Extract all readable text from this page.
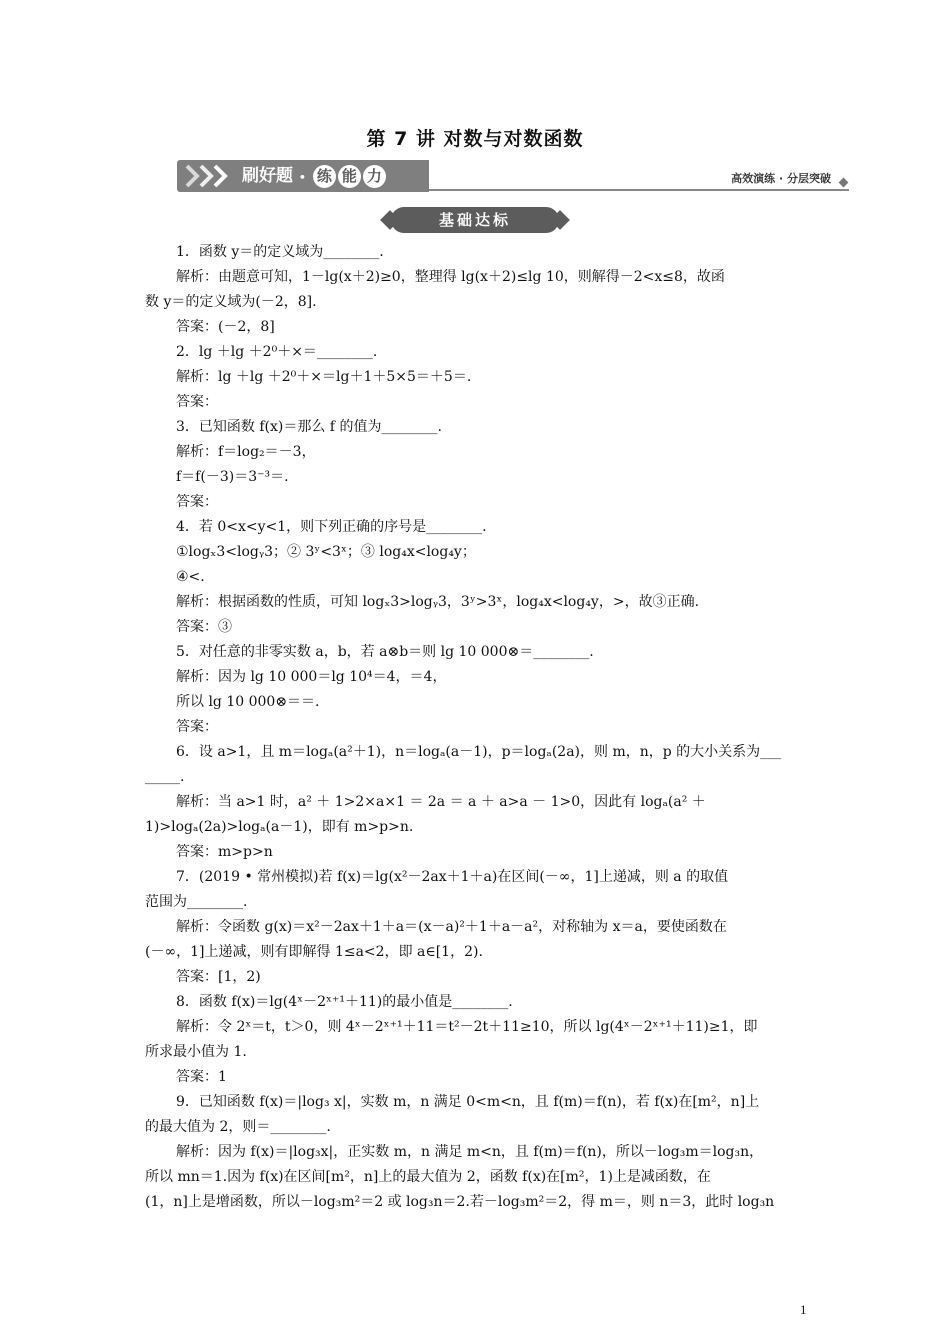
第 7 讲 对数与对数函数
刷好题 • 练 能 力	高效演练 · 分层突破
基础达标
1．函数 y＝的定义域为________.
解析：由题意可知，1－lg(x＋2)≥0，整理得 lg(x＋2)≤lg 10，则解得－2<x≤8，故函
数 y＝的定义域为(－2，8].
答案：(－2，8]
2．lg ＋lg ＋2⁰＋×＝________.
解析：lg ＋lg ＋2⁰＋×＝lg＋1＋5×5＝＋5＝.
答案：
3．已知函数 f(x)＝那么 f 的值为________.
解析：f＝log₂＝－3，
f＝f(－3)＝3⁻³＝.
答案：
4．若 0<x<y<1，则下列正确的序号是________.
①logₓ3<logᵧ3；② 3ʸ<3ˣ；③ log₄x<log₄y；
④<.
解析：根据函数的性质，可知 logₓ3>logᵧ3，3ʸ>3ˣ，log₄x<log₄y，>，故③正确.
答案：③
5．对任意的非零实数 a，b，若 a⊗b＝则 lg 10 000⊗＝________.
解析：因为 lg 10 000＝lg 10⁴＝4，＝4，
所以 lg 10 000⊗＝＝.
答案：
6．设 a>1，且 m＝logₐ(a²＋1)，n＝logₐ(a－1)，p＝logₐ(2a)，则 m，n，p 的大小关系为___
_____.
解析：当 a>1 时，a² ＋ 1>2×a×1 ＝ 2a ＝ a ＋ a>a － 1>0，因此有 logₐ(a² ＋
1)>logₐ(2a)>logₐ(a－1)，即有 m>p>n.
答案：m>p>n
7．(2019 • 常州模拟)若 f(x)＝lg(x²－2ax＋1＋a)在区间(－∞，1]上递减，则 a 的取值
范围为________.
解析：令函数 g(x)＝x²－2ax＋1＋a＝(x－a)²＋1＋a－a²，对称轴为 x＝a，要使函数在
(－∞，1]上递减，则有即解得 1≤a<2，即 a∈[1，2).
答案：[1，2)
8．函数 f(x)＝lg(4ˣ－2ˣ⁺¹＋11)的最小值是________.
解析：令 2ˣ＝t，t＞0，则 4ˣ－2ˣ⁺¹＋11＝t²－2t＋11≥10，所以 lg(4ˣ－2ˣ⁺¹＋11)≥1，即
所求最小值为 1.
答案：1
9．已知函数 f(x)＝|log₃ x|，实数 m，n 满足 0<m<n，且 f(m)＝f(n)，若 f(x)在[m²，n]上
的最大值为 2，则＝________.
解析：因为 f(x)＝|log₃x|，正实数 m，n 满足 m<n，且 f(m)＝f(n)，所以－log₃m＝log₃n，
所以 mn＝1.因为 f(x)在区间[m²，n]上的最大值为 2，函数 f(x)在[m²，1)上是减函数，在
(1，n]上是增函数，所以－log₃m²＝2 或 log₃n＝2.若－log₃m²＝2，得 m＝，则 n＝3，此时 log₃n
1
